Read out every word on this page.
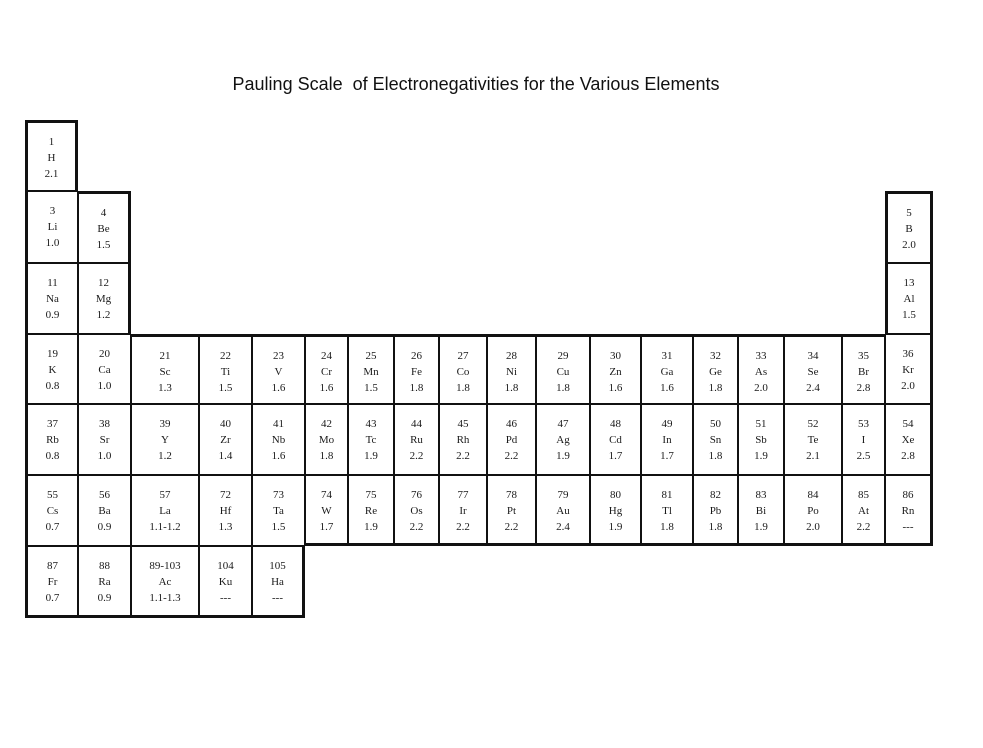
Pauling Scale  of Electronegativities for the Various Elements
1
H
2.1
3
Li
1.0
4
Be
1.5
5
B
2.0
11
Na
0.9
12
Mg
1.2
13
Al
1.5
19
K
0.8
20
Ca
1.0
21
Sc
1.3
22
Ti
1.5
23
V
1.6
24
Cr
1.6
25
Mn
1.5
26
Fe
1.8
27
Co
1.8
28
Ni
1.8
29
Cu
1.8
30
Zn
1.6
31
Ga
1.6
32
Ge
1.8
33
As
2.0
34
Se
2.4
35
Br
2.8
36
Kr
2.0
37
Rb
0.8
38
Sr
1.0
39
Y
1.2
40
Zr
1.4
41
Nb
1.6
42
Mo
1.8
43
Tc
1.9
44
Ru
2.2
45
Rh
2.2
46
Pd
2.2
47
Ag
1.9
48
Cd
1.7
49
In
1.7
50
Sn
1.8
51
Sb
1.9
52
Te
2.1
53
I
2.5
54
Xe
2.8
55
Cs
0.7
56
Ba
0.9
57
La
1.1-1.2
72
Hf
1.3
73
Ta
1.5
74
W
1.7
75
Re
1.9
76
Os
2.2
77
Ir
2.2
78
Pt
2.2
79
Au
2.4
80
Hg
1.9
81
Tl
1.8
82
Pb
1.8
83
Bi
1.9
84
Po
2.0
85
At
2.2
86
Rn
---
87
Fr
0.7
88
Ra
0.9
89-103
Ac
1.1-1.3
104
Ku
---
105
Ha
---
